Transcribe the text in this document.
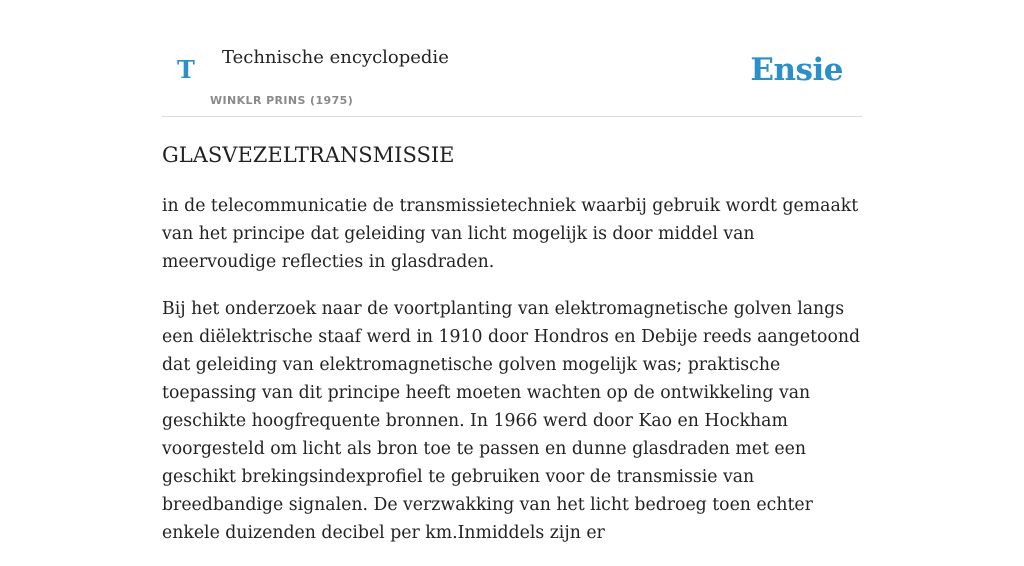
T Technische encyclopedie
WINKLR PRINS (1975)
Ensie
GLASVEZELTRANSMISSIE

in de telecommunicatie de transmissietechniek waarbij gebruik wordt gemaakt van het principe dat geleiding van licht mogelijk is door middel van meervoudige reflecties in glasdraden.

Bij het onderzoek naar de voortplanting van elektromagnetische golven langs een diëlektrische staaf werd in 1910 door Hondros en Debije reeds aangetoond dat geleiding van elektromagnetische golven mogelijk was; praktische toepassing van dit principe heeft moeten wachten op de ontwikkeling van geschikte hoogfrequente bronnen. In 1966 werd door Kao en Hockham voorgesteld om licht als bron toe te passen en dunne glasdraden met een geschikt brekingsindexprofiel te gebruiken voor de transmissie van breedbandige signalen. De verzwakking van het licht bedroeg toen echter enkele duizenden decibel per km.Inmiddels zijn er
